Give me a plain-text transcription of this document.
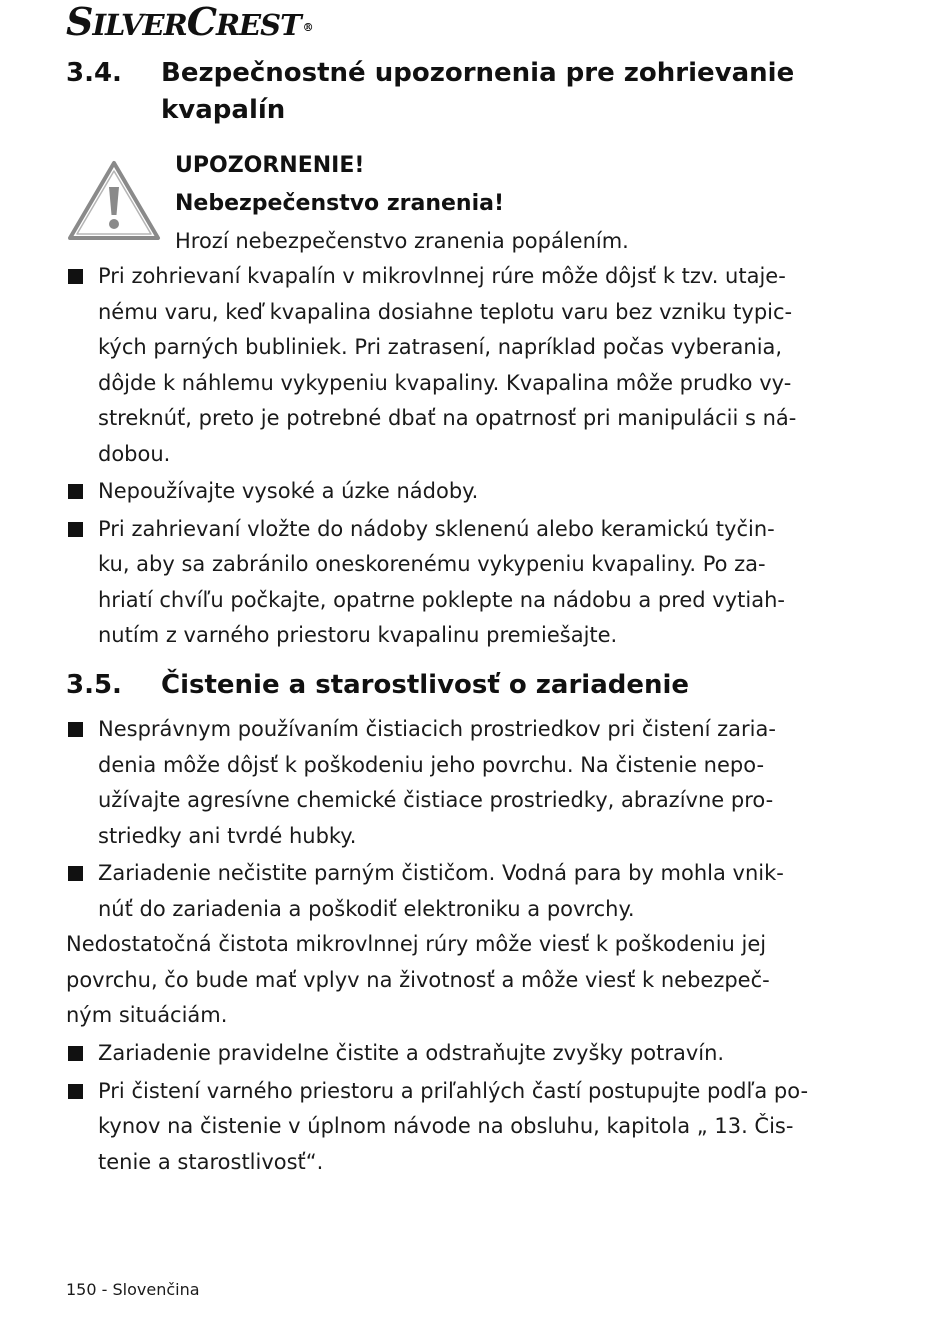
SILVERCREST ®
3.4.	Bezpečnostné upozornenia pre zohrievanie
kvapalín
UPOZORNENIE!
Nebezpečenstvo zranenia!
Hrozí nebezpečenstvo zranenia popálením.
Pri zohrievaní kvapalín v mikrovlnnej rúre môže dôjsť k tzv. utaje-
nému varu, keď kvapalina dosiahne teplotu varu bez vzniku typic-
kých parných bubliniek. Pri zatrasení, napríklad počas vyberania,
dôjde k náhlemu vykypeniu kvapaliny. Kvapalina môže prudko vy-
streknúť, preto je potrebné dbať na opatrnosť pri manipulácii s ná-
dobou.
Nepoužívajte vysoké a úzke nádoby.
Pri zahrievaní vložte do nádoby sklenenú alebo keramickú tyčin-
ku, aby sa zabránilo oneskorenému vykypeniu kvapaliny. Po za-
hriatí chvíľu počkajte, opatrne poklepte na nádobu a pred vytiah-
nutím z varného priestoru kvapalinu premiešajte.
3.5.	Čistenie a starostlivosť o zariadenie
Nesprávnym používaním čistiacich prostriedkov pri čistení zaria-
denia môže dôjsť k poškodeniu jeho povrchu. Na čistenie nepo-
užívajte agresívne chemické čistiace prostriedky, abrazívne pro-
striedky ani tvrdé hubky.
Zariadenie nečistite parným čističom. Vodná para by mohla vnik-
núť do zariadenia a poškodiť elektroniku a povrchy.
Nedostatočná čistota mikrovlnnej rúry môže viesť k poškodeniu jej
povrchu, čo bude mať vplyv na životnosť a môže viesť k nebezpeč-
ným situáciám.
Zariadenie pravidelne čistite a odstraňujte zvyšky potravín.
Pri čistení varného priestoru a priľahlých častí postupujte podľa po-
kynov na čistenie v úplnom návode na obsluhu, kapitola „ 13. Čis-
tenie a starostlivosť“.
150 - Slovenčina
